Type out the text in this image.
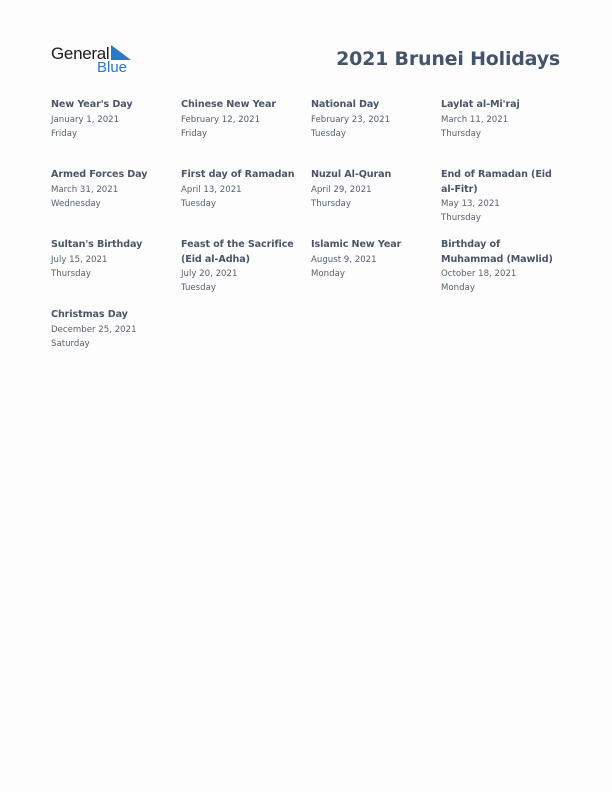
General
Blue	2021 Brunei Holidays
New Year's Day
January 1, 2021
Friday
Chinese New Year
February 12, 2021
Friday
National Day
February 23, 2021
Tuesday
Laylat al-Mi'raj
March 11, 2021
Thursday
Armed Forces Day
March 31, 2021
Wednesday
First day of Ramadan
April 13, 2021
Tuesday
Nuzul Al-Quran
April 29, 2021
Thursday
End of Ramadan (Eid al-Fitr)
May 13, 2021
Thursday
Sultan's Birthday
July 15, 2021
Thursday
Feast of the Sacrifice (Eid al-Adha)
July 20, 2021
Tuesday
Islamic New Year
August 9, 2021
Monday
Birthday of Muhammad (Mawlid)
October 18, 2021
Monday
Christmas Day
December 25, 2021
Saturday
